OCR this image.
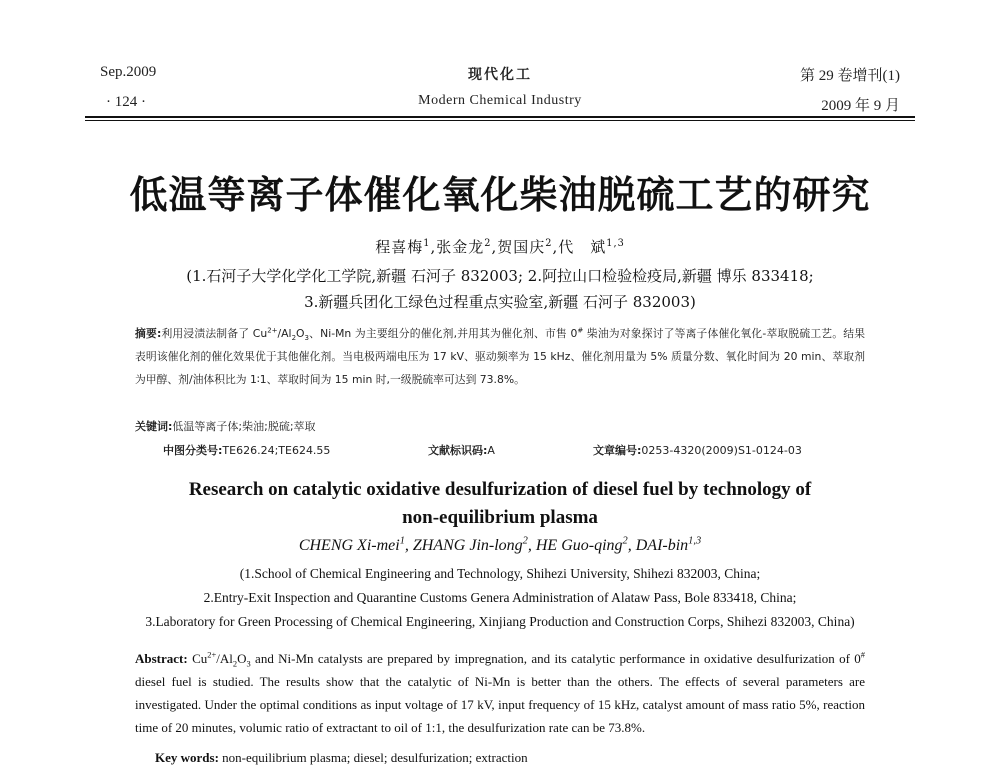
Sep.2009
· 124 ·
现代化工
Modern Chemical Industry
第 29 卷增刊(1)
2009 年 9 月
低温等离子体催化氧化柴油脱硫工艺的研究
程喜梅$^1$,张金龙$^2$,贺国庆$^2$,代　斌$^{1,3}$
(1.石河子大学化学化工学院,新疆 石河子 832003; 2.阿拉山口检验检疫局,新疆 博乐 833418;
3.新疆兵团化工绿色过程重点实验室,新疆 石河子 832003)
摘要:利用浸渍法制备了 $Cu^{2+}/Al_2O_3$、Ni-Mn 为主要组分的催化剂,并用其为催化剂、市售 0# 柴油为对象探讨了等离子体催化氧化-萃取脱硫工艺。结果表明该催化剂的催化效果优于其他催化剂。当电极两端电压为 17 kV、驱动频率为 15 kHz、催化剂用量为 5% 质量分数、氧化时间为 20 min、萃取剂为甲醇、剂/油体积比为 1∶1、萃取时间为 15 min 时,一级脱硫率可达到 73.8%。
关键词:低温等离子体;柴油;脱硫;萃取
中图分类号:TE626.24;TE624.55	文献标识码:A	文章编号:0253-4320(2009)S1-0124-03
Research on catalytic oxidative desulfurization of diesel fuel by technology of
non-equilibrium plasma
CHENG Xi-mei$^1$, ZHANG Jin-long$^2$, HE Guo-qing$^2$, DAI-bin$^{1,3}$
(1.School of Chemical Engineering and Technology, Shihezi University, Shihezi 832003, China;
2.Entry-Exit Inspection and Quarantine Customs Genera Administration of Alataw Pass, Bole 833418, China;
3.Laboratory for Green Processing of Chemical Engineering, Xinjiang Production and Construction Corps, Shihezi 832003, China)
Abstract: $Cu^{2+}/Al_2O_3$ and Ni-Mn catalysts are prepared by impregnation, and its catalytic performance in oxidative desulfurization of 0# diesel fuel is studied. The results show that the catalytic of Ni-Mn is better than the others. The effects of several parameters are investigated. Under the optimal conditions as input voltage of 17 kV, input frequency of 15 kHz, catalyst amount of mass ratio 5%, reaction time of 20 minutes, volumic ratio of extractant to oil of 1:1, the desulfurization rate can be 73.8%.
Key words: non-equilibrium plasma; diesel; desulfurization; extraction
